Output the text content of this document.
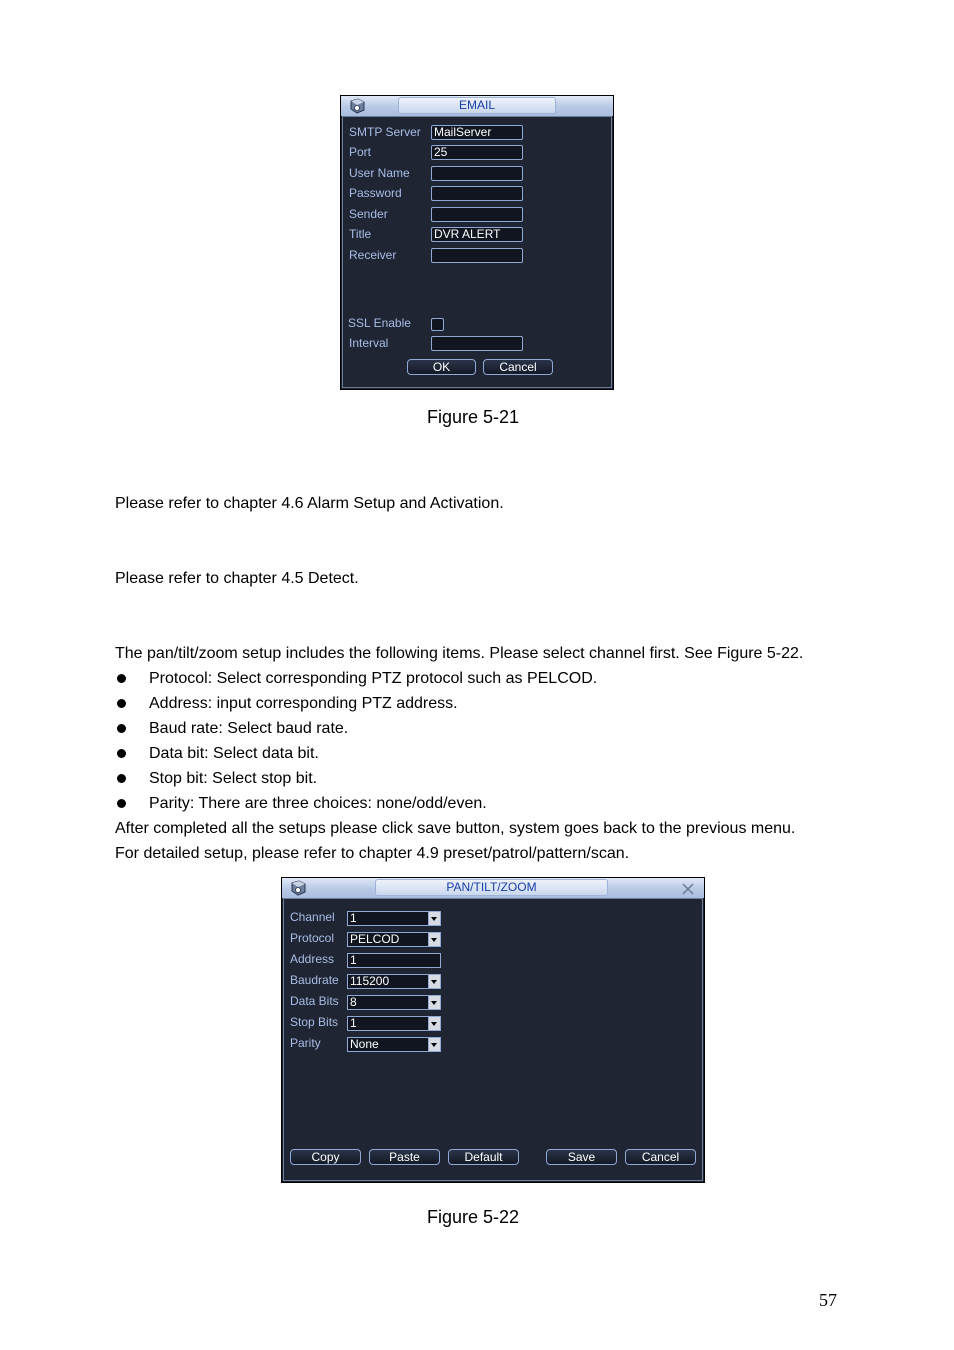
EMAIL
SMTP Server MailServer
Port	25
User Name
Password
Sender
Title	DVR ALERT
Receiver
SSL Enable
Interval
OK	Cancel
Figure 5-21
Please refer to chapter 4.6 Alarm Setup and Activation.
Please refer to chapter 4.5 Detect.
The pan/tilt/zoom setup includes the following items. Please select channel first. See Figure 5-22.
Protocol: Select corresponding PTZ protocol such as PELCOD.
Address: input corresponding PTZ address.
Baud rate: Select baud rate.
Data bit: Select data bit.
Stop bit: Select stop bit.
Parity: There are three choices: none/odd/even.
After completed all the setups please click save button, system goes back to the previous menu.
For detailed setup, please refer to chapter 4.9 preset/patrol/pattern/scan.
PAN/TILT/ZOOM
Channel 1
Protocol PELCOD
Address 1
Baudrate 115200
Data Bits 8
Stop Bits 1
Parity None
Copy	Paste	Default	Save	Cancel
Figure 5-22
57
